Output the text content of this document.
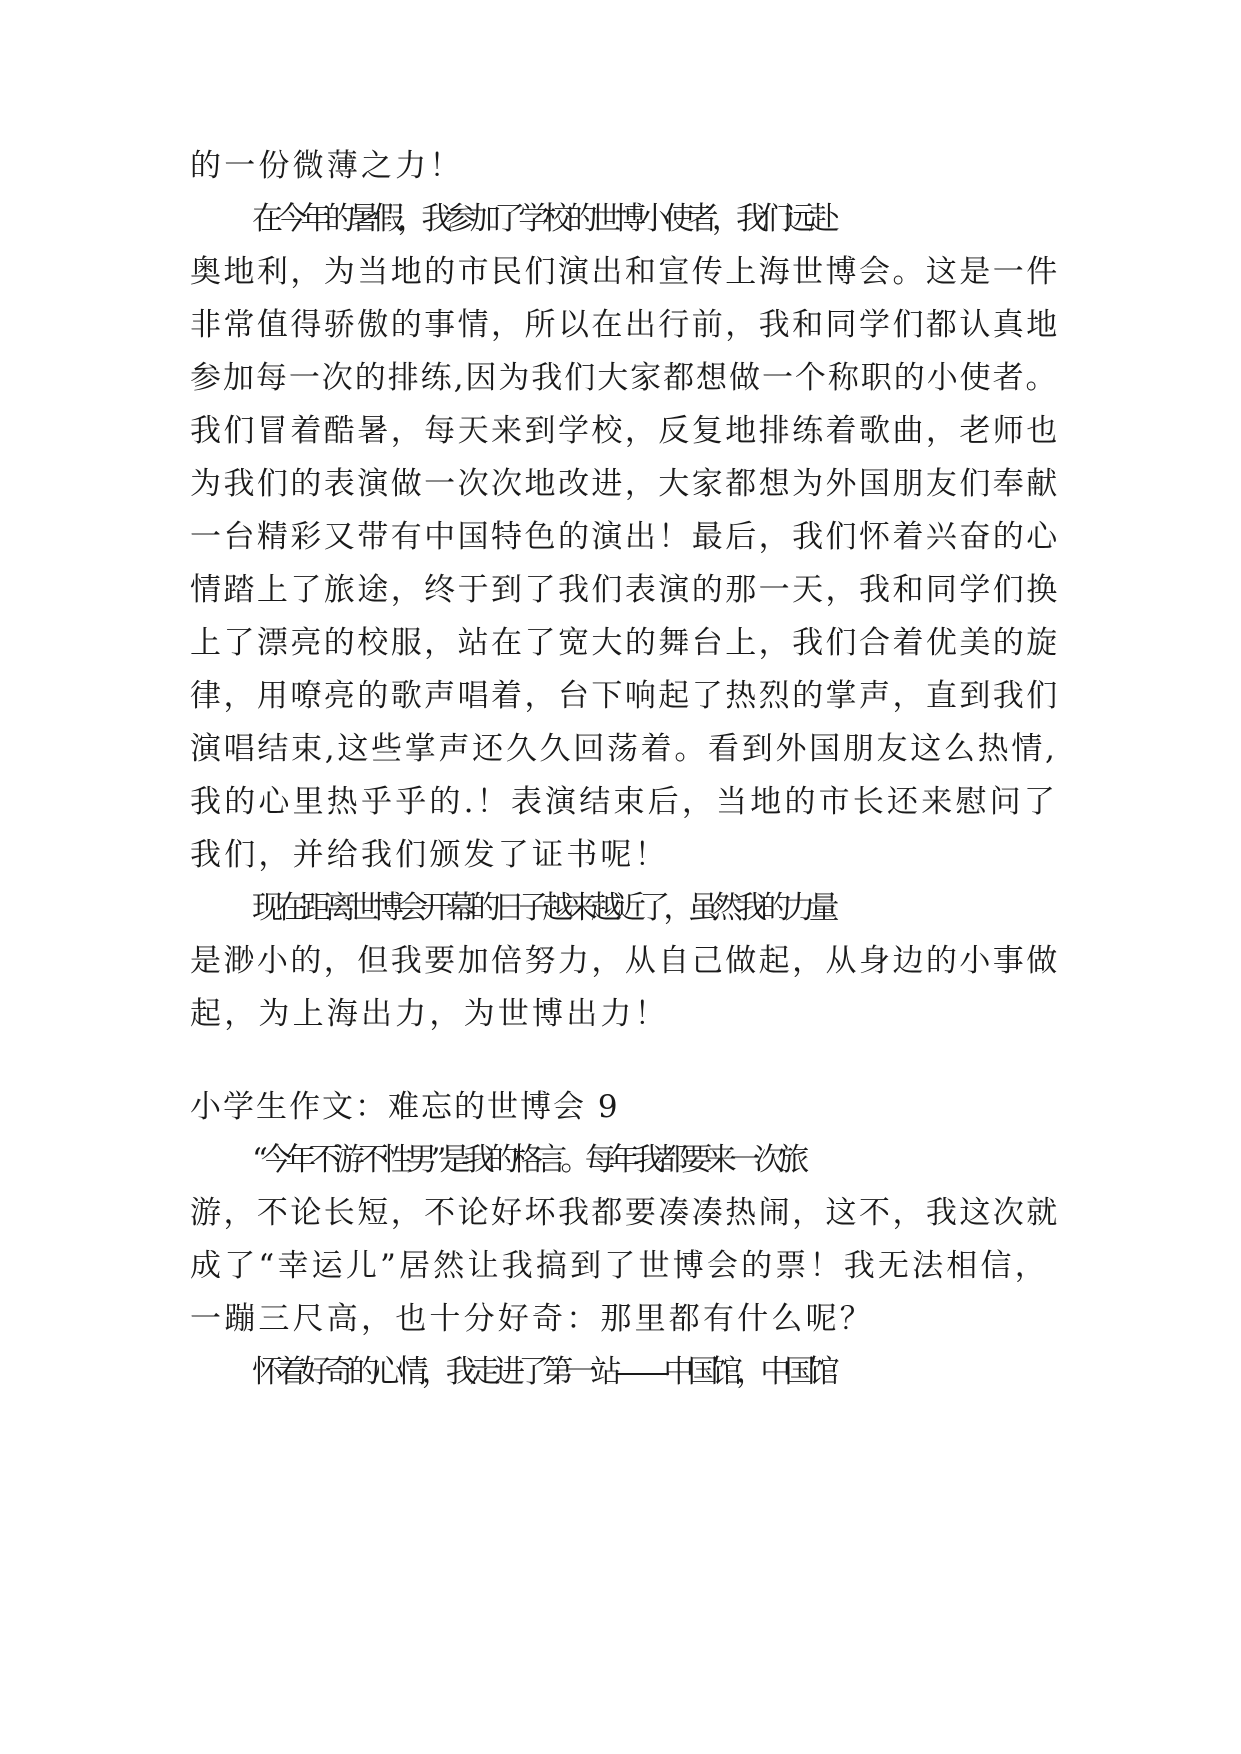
的一份微薄之力！
在今年的暑假，我参加了学校的世博小使者，我们远赴
奥地利，为当地的市民们演出和宣传上海世博会。这是一件
非常值得骄傲的事情，所以在出行前，我和同学们都认真地
参加每一次的排练,因为我们大家都想做一个称职的小使者。
我们冒着酷暑，每天来到学校，反复地排练着歌曲，老师也
为我们的表演做一次次地改进，大家都想为外国朋友们奉献
一台精彩又带有中国特色的演出！最后，我们怀着兴奋的心
情踏上了旅途，终于到了我们表演的那一天，我和同学们换
上了漂亮的校服，站在了宽大的舞台上，我们合着优美的旋
律，用嘹亮的歌声唱着，台下响起了热烈的掌声，直到我们
演唱结束,这些掌声还久久回荡着。看到外国朋友这么热情,
我的心里热乎乎的.！表演结束后，当地的市长还来慰问了
我们，并给我们颁发了证书呢！
现在距离世博会开幕的日子越来越近了，虽然我的力量
是渺小的，但我要加倍努力，从自己做起，从身边的小事做
起，为上海出力，为世博出力！
小学生作文：难忘的世博会 9
“今年不游不性男”是我的格言。每年我都要来一次旅
游，不论长短，不论好坏我都要凑凑热闹，这不，我这次就
成了“幸运儿”居然让我搞到了世博会的票！我无法相信，
一蹦三尺高，也十分好奇：那里都有什么呢？
怀着好奇的心情，我走进了第一站——中国馆，中国馆
